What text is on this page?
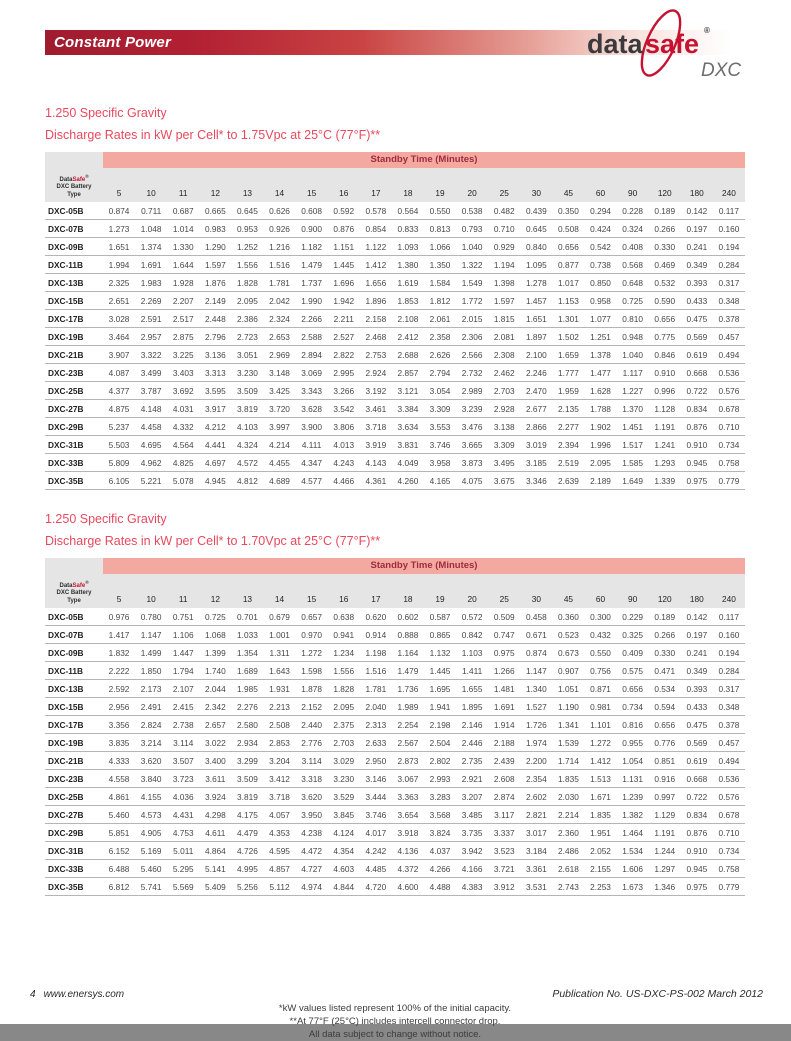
Constant Power	data safe ®
DXC
1.250 Specific Gravity
Discharge Rates in kW per Cell* to 1.75Vpc at 25°C (77°F)**
DataSafe®
DXC Battery
Type
Standby Time (Minutes)
5	10	11	12	13	14	15	16	17	18	19	20	25	30	45	60	90	120	180	240
DXC-05B	0.874	0.711	0.687	0.665	0.645	0.626	0.608	0.592	0.578	0.564	0.550	0.538	0.482	0.439	0.350	0.294	0.228	0.189	0.142	0.117
DXC-07B	1.273	1.048	1.014	0.983	0.953	0.926	0.900	0.876	0.854	0.833	0.813	0.793	0.710	0.645	0.508	0.424	0.324	0.266	0.197	0.160
DXC-09B	1.651	1.374	1.330	1.290	1.252	1.216	1.182	1.151	1.122	1.093	1.066	1.040	0.929	0.840	0.656	0.542	0.408	0.330	0.241	0.194
DXC-11B	1.994	1.691	1.644	1.597	1.556	1.516	1.479	1.445	1.412	1.380	1.350	1.322	1.194	1.095	0.877	0.738	0.568	0.469	0.349	0.284
DXC-13B	2.325	1.983	1.928	1.876	1.828	1.781	1.737	1.696	1.656	1.619	1.584	1.549	1.398	1.278	1.017	0.850	0.648	0.532	0.393	0.317
DXC-15B	2.651	2.269	2.207	2.149	2.095	2.042	1.990	1.942	1.896	1.853	1.812	1.772	1.597	1.457	1.153	0.958	0.725	0.590	0.433	0.348
DXC-17B	3.028	2.591	2.517	2.448	2.386	2.324	2.266	2.211	2.158	2.108	2.061	2.015	1.815	1.651	1.301	1.077	0.810	0.656	0.475	0.378
DXC-19B	3.464	2.957	2.875	2.796	2.723	2.653	2.588	2.527	2.468	2.412	2.358	2.306	2.081	1.897	1.502	1.251	0.948	0.775	0.569	0.457
DXC-21B	3.907	3.322	3.225	3.136	3.051	2.969	2.894	2.822	2.753	2.688	2.626	2.566	2.308	2.100	1.659	1.378	1.040	0.846	0.619	0.494
DXC-23B	4.087	3.499	3.403	3.313	3.230	3.148	3.069	2.995	2.924	2.857	2.794	2.732	2.462	2.246	1.777	1.477	1.117	0.910	0.668	0.536
DXC-25B	4.377	3.787	3.692	3.595	3.509	3.425	3.343	3.266	3.192	3.121	3.054	2.989	2.703	2.470	1.959	1.628	1.227	0.996	0.722	0.576
DXC-27B	4.875	4.148	4.031	3.917	3.819	3.720	3.628	3.542	3.461	3.384	3.309	3.239	2.928	2.677	2.135	1.788	1.370	1.128	0.834	0.678
DXC-29B	5.237	4.458	4.332	4.212	4.103	3.997	3.900	3.806	3.718	3.634	3.553	3.476	3.138	2.866	2.277	1.902	1.451	1.191	0.876	0.710
DXC-31B	5.503	4.695	4.564	4.441	4.324	4.214	4.111	4.013	3.919	3.831	3.746	3.665	3.309	3.019	2.394	1.996	1.517	1.241	0.910	0.734
DXC-33B	5.809	4.962	4.825	4.697	4.572	4.455	4.347	4.243	4.143	4.049	3.958	3.873	3.495	3.185	2.519	2.095	1.585	1.293	0.945	0.758
DXC-35B	6.105	5.221	5.078	4.945	4.812	4.689	4.577	4.466	4.361	4.260	4.165	4.075	3.675	3.346	2.639	2.189	1.649	1.339	0.975	0.779
1.250 Specific Gravity
Discharge Rates in kW per Cell* to 1.70Vpc at 25°C (77°F)**
DataSafe®
DXC Battery
Type
Standby Time (Minutes)
5	10	11	12	13	14	15	16	17	18	19	20	25	30	45	60	90	120	180	240
DXC-05B	0.976	0.780	0.751	0.725	0.701	0.679	0.657	0.638	0.620	0.602	0.587	0.572	0.509	0.458	0.360	0.300	0.229	0.189	0.142	0.117
DXC-07B	1.417	1.147	1.106	1.068	1.033	1.001	0.970	0.941	0.914	0.888	0.865	0.842	0.747	0.671	0.523	0.432	0.325	0.266	0.197	0.160
DXC-09B	1.832	1.499	1.447	1.399	1.354	1.311	1.272	1.234	1.198	1.164	1.132	1.103	0.975	0.874	0.673	0.550	0.409	0.330	0.241	0.194
DXC-11B	2.222	1.850	1.794	1.740	1.689	1.643	1.598	1.556	1.516	1.479	1.445	1.411	1.266	1.147	0.907	0.756	0.575	0.471	0.349	0.284
DXC-13B	2.592	2.173	2.107	2.044	1.985	1.931	1.878	1.828	1.781	1.736	1.695	1.655	1.481	1.340	1.051	0.871	0.656	0.534	0.393	0.317
DXC-15B	2.956	2.491	2.415	2.342	2.276	2.213	2.152	2.095	2.040	1.989	1.941	1.895	1.691	1.527	1.190	0.981	0.734	0.594	0.433	0.348
DXC-17B	3.356	2.824	2.738	2.657	2.580	2.508	2.440	2.375	2.313	2.254	2.198	2.146	1.914	1.726	1.341	1.101	0.816	0.656	0.475	0.378
DXC-19B	3.835	3.214	3.114	3.022	2.934	2.853	2.776	2.703	2.633	2.567	2.504	2.446	2.188	1.974	1.539	1.272	0.955	0.776	0.569	0.457
DXC-21B	4.333	3.620	3.507	3.400	3.299	3.204	3.114	3.029	2.950	2.873	2.802	2.735	2.439	2.200	1.714	1.412	1.054	0.851	0.619	0.494
DXC-23B	4.558	3.840	3.723	3.611	3.509	3.412	3.318	3.230	3.146	3.067	2.993	2.921	2.608	2.354	1.835	1.513	1.131	0.916	0.668	0.536
DXC-25B	4.861	4.155	4.036	3.924	3.819	3.718	3.620	3.529	3.444	3.363	3.283	3.207	2.874	2.602	2.030	1.671	1.239	0.997	0.722	0.576
DXC-27B	5.460	4.573	4.431	4.298	4.175	4.057	3.950	3.845	3.746	3.654	3.568	3.485	3.117	2.821	2.214	1.835	1.382	1.129	0.834	0.678
DXC-29B	5.851	4.905	4.753	4.611	4.479	4.353	4.238	4.124	4.017	3.918	3.824	3.735	3.337	3.017	2.360	1.951	1.464	1.191	0.876	0.710
DXC-31B	6.152	5.169	5.011	4.864	4.726	4.595	4.472	4.354	4.242	4.136	4.037	3.942	3.523	3.184	2.486	2.052	1.534	1.244	0.910	0.734
DXC-33B	6.488	5.460	5.295	5.141	4.995	4.857	4.727	4.603	4.485	4.372	4.266	4.166	3.721	3.361	2.618	2.155	1.606	1.297	0.945	0.758
DXC-35B	6.812	5.741	5.569	5.409	5.256	5.112	4.974	4.844	4.720	4.600	4.488	4.383	3.912	3.531	2.743	2.253	1.673	1.346	0.975	0.779
*kW values listed represent 100% of the initial capacity.
**At 77°F (25°C) includes intercell connector drop.
All data subject to change without notice.
4 www.enersys.com	Publication No. US-DXC-PS-002 March 2012
